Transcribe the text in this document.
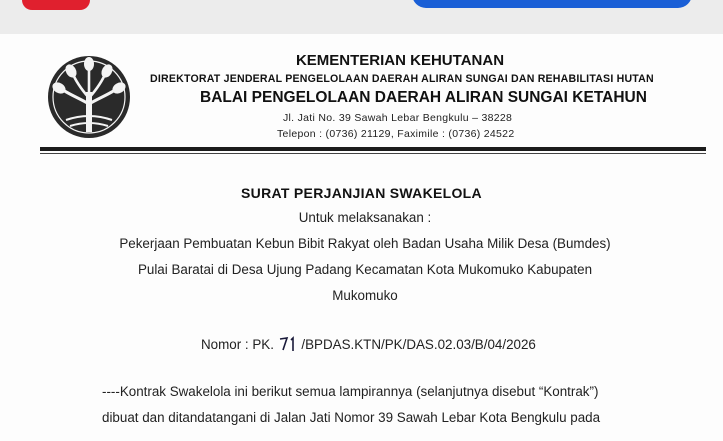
KEMENTERIAN KEHUTANAN
DIREKTORAT JENDERAL PENGELOLAAN DAERAH ALIRAN SUNGAI DAN REHABILITASI HUTAN
BALAI PENGELOLAAN DAERAH ALIRAN SUNGAI KETAHUN
Jl. Jati No. 39 Sawah Lebar Bengkulu – 38228
Telepon : (0736) 21129, Faximile : (0736) 24522
SURAT PERJANJIAN SWAKELOLA
Untuk melaksanakan :
Pekerjaan Pembuatan Kebun Bibit Rakyat oleh Badan Usaha Milik Desa (Bumdes)
Pulai Baratai di Desa Ujung Padang Kecamatan Kota Mukomuko Kabupaten
Mukomuko
Nomor : PK. /BPDAS.KTN/PK/DAS.02.03/B/04/2026
----Kontrak Swakelola ini berikut semua lampirannya (selanjutnya disebut “Kontrak”)
dibuat dan ditandatangani di Jalan Jati Nomor 39 Sawah Lebar Kota Bengkulu pada
